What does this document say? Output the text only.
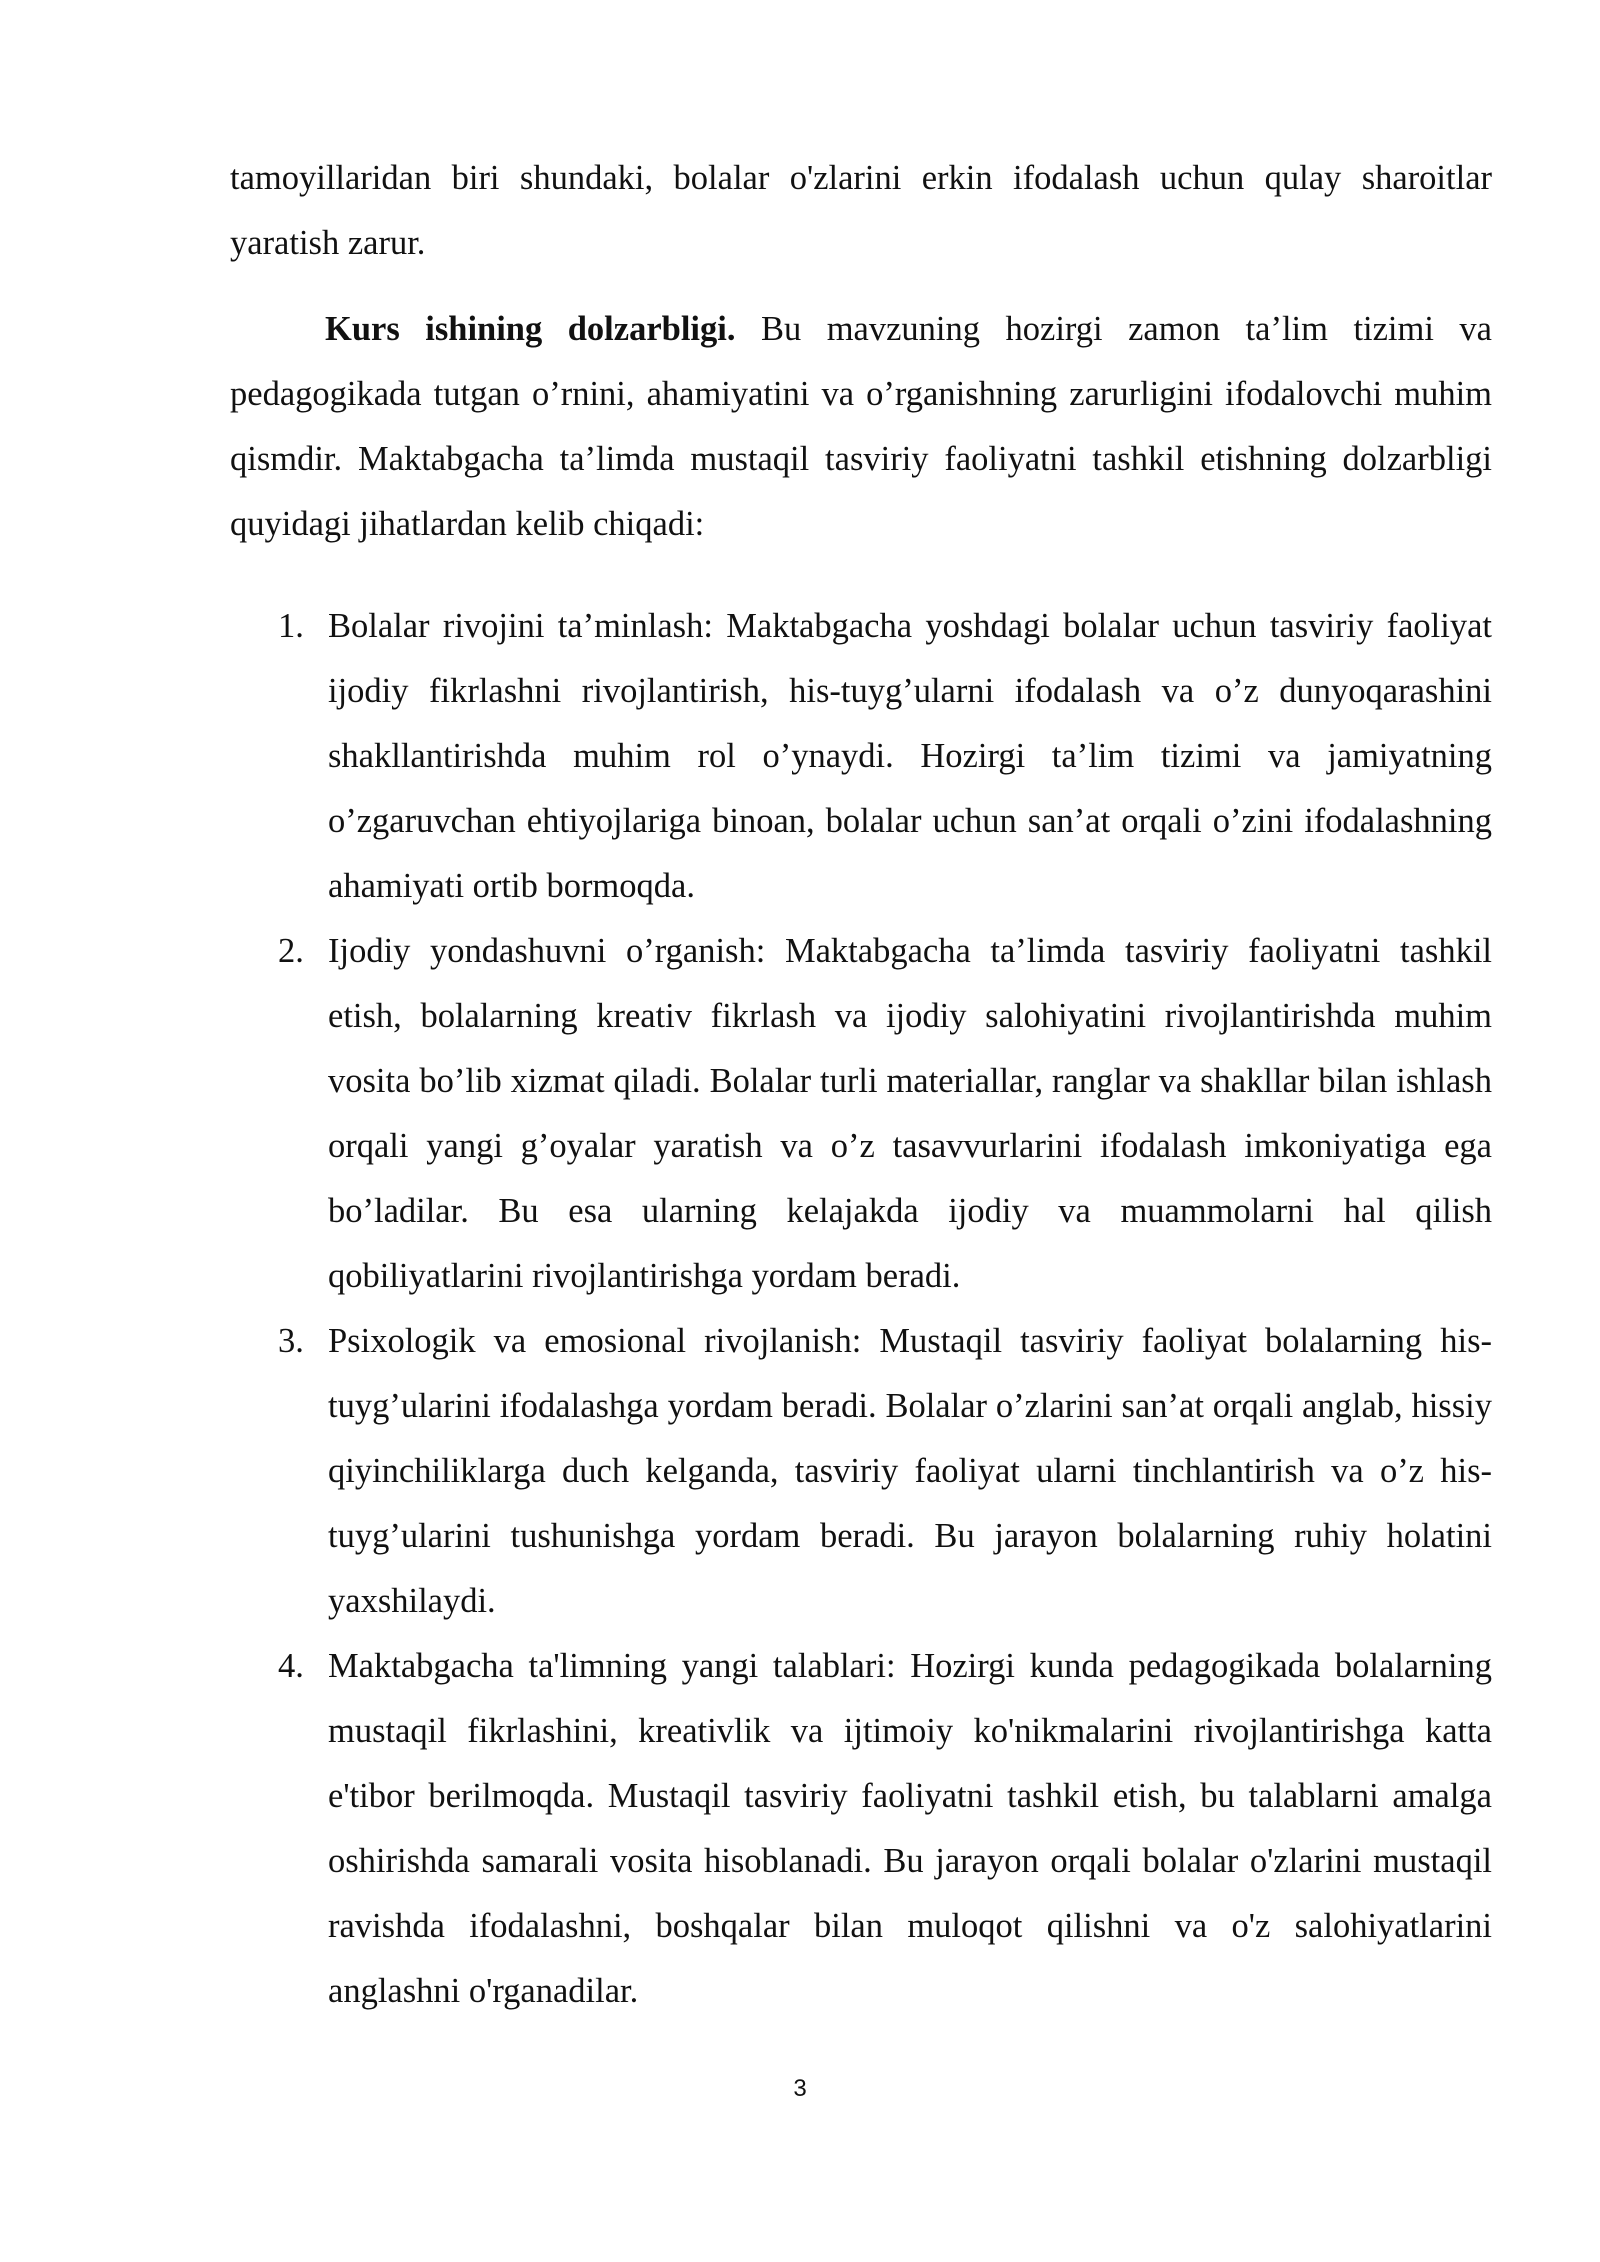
tamoyillaridan biri shundaki, bolalar o'zlarini erkin ifodalash uchun qulay sharoitlar yaratish zarur.

Kurs ishining dolzarbligi. Bu mavzuning hozirgi zamon ta’lim tizimi va pedagogikada tutgan o’rnini, ahamiyatini va o’rganishning zarurligini ifodalovchi muhim qismdir. Maktabgacha ta’limda mustaqil tasviriy faoliyatni tashkil etishning dolzarbligi quyidagi jihatlardan kelib chiqadi:

1. Bolalar rivojini ta’minlash: Maktabgacha yoshdagi bolalar uchun tasviriy faoliyat ijodiy fikrlashni rivojlantirish, his-tuyg’ularni ifodalash va o’z dunyoqarashini shakllantirishda muhim rol o’ynaydi. Hozirgi ta’lim tizimi va jamiyatning o’zgaruvchan ehtiyojlariga binoan, bolalar uchun san’at orqali o’zini ifodalashning ahamiyati ortib bormoqda.
2. Ijodiy yondashuvni o’rganish: Maktabgacha ta’limda tasviriy faoliyatni tashkil etish, bolalarning kreativ fikrlash va ijodiy salohiyatini rivojlantirishda muhim vosita bo’lib xizmat qiladi. Bolalar turli materiallar, ranglar va shakllar bilan ishlash orqali yangi g’oyalar yaratish va o’z tasavvurlarini ifodalash imkoniyatiga ega bo’ladilar. Bu esa ularning kelajakda ijodiy va muammolarni hal qilish qobiliyatlarini rivojlantirishga yordam beradi.
3. Psixologik va emosional rivojlanish: Mustaqil tasviriy faoliyat bolalarning his-tuyg’ularini ifodalashga yordam beradi. Bolalar o’zlarini san’at orqali anglab, hissiy qiyinchiliklarga duch kelganda, tasviriy faoliyat ularni tinchlantirish va o’z his-tuyg’ularini tushunishga yordam beradi. Bu jarayon bolalarning ruhiy holatini yaxshilaydi.
4. Maktabgacha ta'limning yangi talablari: Hozirgi kunda pedagogikada bolalarning mustaqil fikrlashini, kreativlik va ijtimoiy ko'nikmalarini rivojlantirishga katta e'tibor berilmoqda. Mustaqil tasviriy faoliyatni tashkil etish, bu talablarni amalga oshirishda samarali vosita hisoblanadi. Bu jarayon orqali bolalar o'zlarini mustaqil ravishda ifodalashni, boshqalar bilan muloqot qilishni va o'z salohiyatlarini anglashni o'rganadilar.
3
